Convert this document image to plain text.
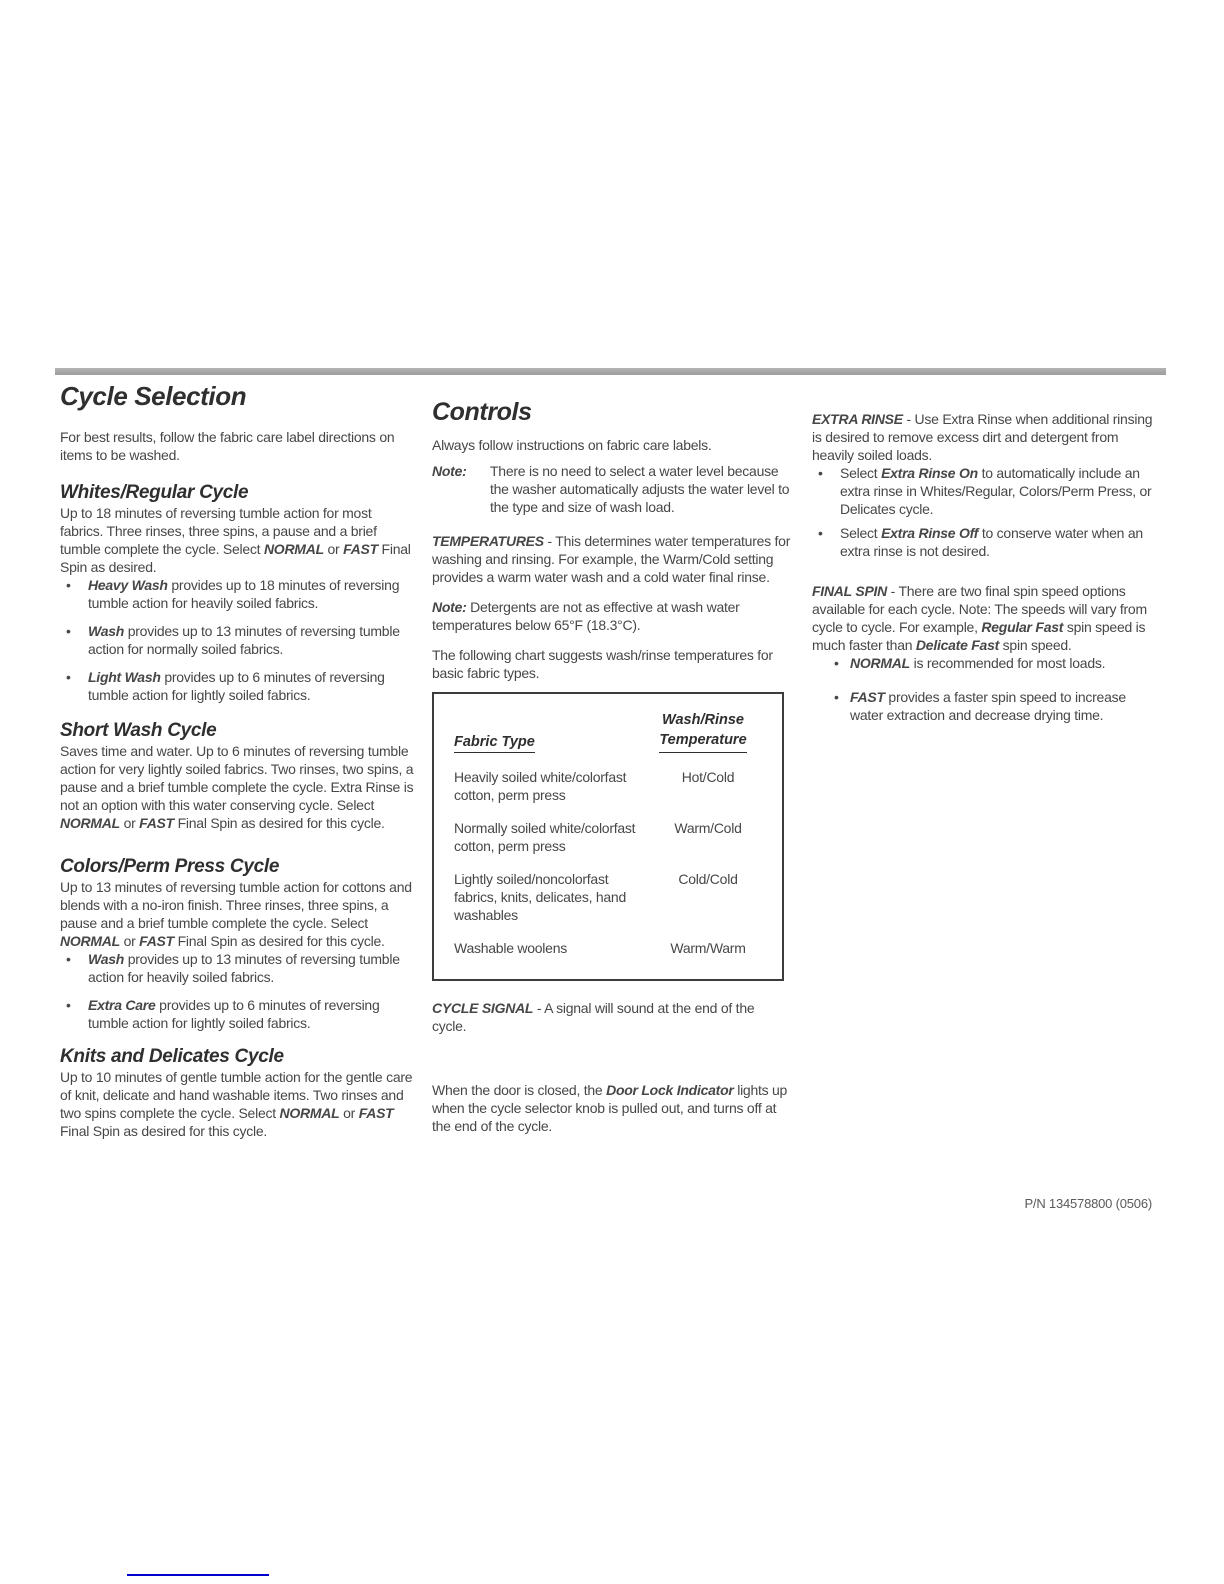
Cycle Selection

For best results, follow the fabric care label directions on items to be washed.

Whites/Regular Cycle

Up to 18 minutes of reversing tumble action for most fabrics. Three rinses, three spins, a pause and a brief tumble complete the cycle. Select NORMAL or FAST Final Spin as desired.

• Heavy Wash provides up to 18 minutes of reversing tumble action for heavily soiled fabrics.
• Wash provides up to 13 minutes of reversing tumble action for normally soiled fabrics.
• Light Wash provides up to 6 minutes of reversing tumble action for lightly soiled fabrics.
Short Wash Cycle

Saves time and water. Up to 6 minutes of reversing tumble action for very lightly soiled fabrics. Two rinses, two spins, a pause and a brief tumble complete the cycle. Extra Rinse is not an option with this water conserving cycle. Select NORMAL or FAST Final Spin as desired for this cycle.

Colors/Perm Press Cycle

Up to 13 minutes of reversing tumble action for cottons and blends with a no-iron finish. Three rinses, three spins, a pause and a brief tumble complete the cycle. Select NORMAL or FAST Final Spin as desired for this cycle.

• Wash provides up to 13 minutes of reversing tumble action for heavily soiled fabrics.
• Extra Care provides up to 6 minutes of reversing tumble action for lightly soiled fabrics.
Knits and Delicates Cycle

Up to 10 minutes of gentle tumble action for the gentle care of knit, delicate and hand washable items. Two rinses and two spins complete the cycle. Select NORMAL or FAST Final Spin as desired for this cycle.

Controls

Always follow instructions on fabric care labels.

Note:	There is no need to select a water level because the washer automatically adjusts the water level to the type and size of wash load.

TEMPERATURES - This determines water temperatures for washing and rinsing. For example, the Warm/Cold setting provides a warm water wash and a cold water final rinse.

Note: Detergents are not as effective at wash water temperatures below 65°F (18.3°C).

The following chart suggests wash/rinse temperatures for basic fabric types.

Fabric Type
Wash/Rinse
Temperature
Heavily soiled white/colorfast cotton, perm press
Hot/Cold
Normally soiled white/colorfast cotton, perm press
Warm/Cold
Lightly soiled/noncolorfast fabrics, knits, delicates, hand washables
Cold/Cold
Washable woolens	Warm/Warm

CYCLE SIGNAL - A signal will sound at the end of the cycle.

When the door is closed, the Door Lock Indicator lights up when the cycle selector knob is pulled out, and turns off at the end of the cycle.

EXTRA RINSE - Use Extra Rinse when additional rinsing is desired to remove excess dirt and detergent from heavily soiled loads.

• Select Extra Rinse On to automatically include an extra rinse in Whites/Regular, Colors/Perm Press, or Delicates cycle.
• Select Extra Rinse Off to conserve water when an extra rinse is not desired.

FINAL SPIN - There are two final spin speed options available for each cycle. Note: The speeds will vary from cycle to cycle. For example, Regular Fast spin speed is much faster than Delicate Fast spin speed.

• NORMAL is recommended for most loads.
• FAST provides a faster spin speed to increase water extraction and decrease drying time.
P/N 134578800 (0506)
